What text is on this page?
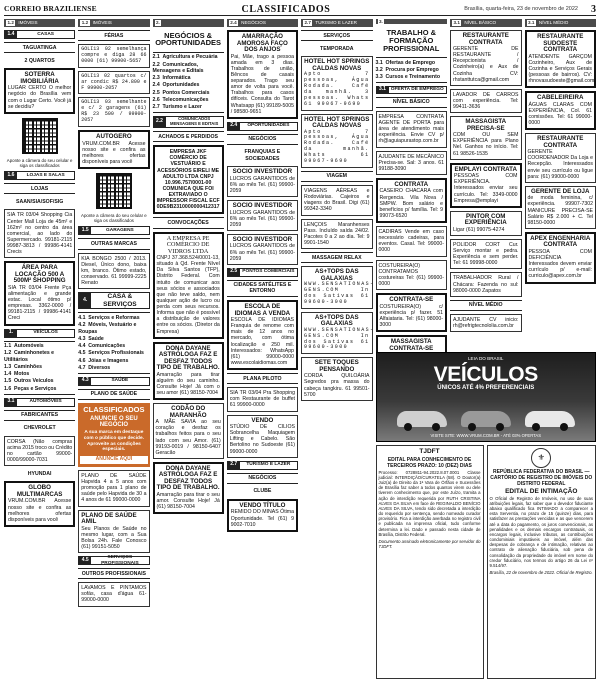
CORREIO BRAZILIENSE	CLASSIFICADOS	Brasília, quarta-feira, 23 de novembro de 2022	3
1.2 IMÓVEIS
1.4	CASAS
TAGUATINGA
2 QUARTOS
SOTERRA IMOBILIÁRIA

LUGAR CERTO O melhor negócio do Brasília vem com o Lugar Certo. Você já se decidiu?

Aponte a câmera do seu celular e siga os classificados
1.6	LOJAS E SALAS
LOJAS
SAAN/SIA/SOF/SIG

SIA TR 03/04 Shopping Cia Center Mall Loja de 45m² e 162m² no centro da área comercial, ao lado do Supermercado. 99181-2115 99987-3813 / 99986-4141 Crecis

ÁREA PARA LOCAÇÃO 500 A 500M² SHOPPING

SIA TR 03/04 Frente Pça alimentação e grande estac. Local ótimo p/ empresas. 3362-0000 / 99181-2115 / 99986-4141 Creci

1.	VEÍCULOS
1.1 Automóveis
1.2 Caminhonetes e Utilitários
1.3 Caminhões
1.4 Motos
1.5 Outros Veículos
1.6 Peças e Serviços
3.1	AUTOMÓVEIS
FABRICANTES
CHEVROLET

CORSA (Não compras acima 2015 troco ou Crédito no cartão 99000-0000/99000-7031

HYUNDAI
GLOBO MULTIMARCAS

VRUM.COM.BR Acesse nosso site e confira as melhores ofertas disponíveis para você

1.2 IMÓVEIS
FÉRIAS

GOLI13 02 semelhança compre e diga 28 66 0000 (61) 99900-5657

GOLI13 02 quartos c/ ar condic R$ 24.800 e F 99900-2057

GOLI13 03 semelhante e c/ 2 garagens (61) R$ 23 500 / 99900-2057

AUTOGERO

VRUM.COM.BR Acesse nosso site e confira as melhores ofertas disponíveis para você

Aponte a câmera do seu celular e siga os classificados
1.5	GARAGENS
OUTRAS MARCAS

KIA BONGO 2500 / 2013. Diesel, Único dono, baixa km, branco. Ótimo estado, conservado. 61 99999-2225 Renato

4.	CASA & SERVIÇOS
4.1 Serviços e Reformas
4.2 Móveis, Vestuário e Roupas
4.3 Saúde
4.4 Comunicações
4.5 Serviços Profissionais
4.6 Jóias e Imagens
4.7 Diversos
4.3	SAÚDE
PLANO DE SAÚDE
CLASSIFICADOS
ANUNCIE O SEU NEGÓCIO
A sua marca em destaque com o público que decide. Aproveite as condições especiais.
ANUNCIE AQUI

PLANO DE SAÚDE Hapvida 4 a 5 anos com promoção para 1 plano de saúde pelo Hapvida de 30 a 4 anos de 61 99000-0000

PLANO DE SAÚDE AMIL

Seu Planos de Saúde no mesmo lugar, com a Sua Bolsa 24h. Fale Conosco (61) 99151-5050

4.5	SERVIÇOS PROFISSIONAIS
OUTROS PROFISSIONAIS

LAVAMOS E PINTAMOS sofás, casa d'água 61-99000-0000

2.
NEGÓCIOS & OPORTUNIDADES
2.1 Agricultura e Pecuária
2.2 Comunicados, Mensagens e Editais
2.3 Informática
2.4 Oportunidades
2.5 Pontos Comerciais
2.6 Telecomunicações
2.7 Turismo e Lazer
2.2	COMUNICADOS MENSAGENS E EDITAIS
ACHADOS E PERDIDOS

EMPRESA JKF COMÉRCIO DE VESTUÁRIO E ACESSÓRIOS EIRELI ME ADULTO LTDA CNPJ 10.996.757/0001-00 COMUNICA QUE FOI EXTRAVIADO O IMPRESSOR FISCAL ECF 0DE9B2310000000412317

CONVOCAÇÕES
A EMPRESA PE COMÉRCIO DE VIDROS LTDA

CNPJ 37.368.524/0001-13, situado à Qd. Frente Nível Da Silva Santos (TFP), Distrito Federal. Com intuito de comunicar aos seus sócios e associados que não teve saldo, nem qualquer ação de lucro ou perda com seus recursos. Informa que não é possível a distribuição de valores entre os sócios. (Diretor da Empresa)

DONA DAYANE ASTRÓLOGA FAZ E DESFAZ TODOS TIPO DE TRABALHO.

Amarração para tirar alguém do seu caminho. Consulte Hoje! Já com o seu amor (61) 98150-7004

CODÃO DO MARANHÃO

A MÃE SAVIA ao seu coração e desfaz os trabalhos feitos para o seu lado com seu Amor. (61) 99193-0019 / 98150-6407 Geracão

DONA DAYANE ASTRÓLOGA FAZ E DESFAZ TODOS TIPO DE TRABALHO.

Amarração para tirar o seu amor. Consulte Hoje! Já (61) 98150-7004

2.4 NEGÓCIOS
AMARRAÇÃO AMOROSA FAÇO DOS ANJOS

Pai, Mãe, trago a pessoa amada em 3 dias. Trabalhos de união, Bêncos de casais separados. Trago seu amor de volta para você. Trabalhos para casos difíceis. Consulta do Tarot Whatsapp (61) 99189-5005 / 98580-9651

2.4	OPORTUNIDADES
NEGÓCIOS
FRANQUIAS E SOCIEDADES
SOCIO INVESTIDOR

LUCROS GARANTIDOS de 6% ao mês Tel. (61) 99900-2059

SOCIO INVESTIDOR

LUCROS GARANTIDOS de 6% ao mês Tel. (61) 99900-2059

SOCIO INVESTIDOR

LUCROS GARANTIDOS de 6% ao mês Tel. (61) 99900-2059

2.5	PONTOS COMERCIAIS
CIDADES SATÉLITES E ENTORNO
ESCOLA DE IDIOMAS A VENDA

ESCOLA DE IDIOMAS Franquia de renome com mais de 12 anos no mercado, com ótima localização e 250 mil. Interessados: WhatsApp (61) 99000-0000 www.escolaidiomas.com

PLANA PILOTO

SIA TR 03/04 Pra Shopping com Restaurante de buffet 61 99900-0000

VENDO

STÚDIO DE CILIOS Sobrancelha Maquiagem Lifting e Cabelo. São Bertolino no Sudoeste (61) 99000-0000

2.7	TURISMO E LAZER
NEGÓCIOS
CLUBE
VENDO TÍTULO

REMIDO DO MINAS Ótima Oportunidade. Tel (61) 9 9002-7010

2.7 TURISMO E LAZER
SERVIÇOS
TEMPORADA
HOTEL HOT SPRINGS CALDAS NOVAS

Apto 7 pessoas, Água Rodada. Café da manhã. 3 pessoas. Whats 61 99067-9690

HOTEL HOT SPRINGS CALDAS NOVAS

Apto 7 pessoas, Água Rodada. Café da manhã. Whats 61 99067-9690

VIAGEM

VIAGENS AÉREAS e Rodoviárias. Cajeiros e viagens do Brasil. Digi (61) 99342-3340

LENÇOIS Maranhenses Pass. Incluído saída 24/02. Pacotes 0 a 2 ao dia. Tel: 9 9901-1540

MASSAGEM RELAX
AS+TOPS DAS GALAXIAS

WWW.SENSATIONAS-GENS.COM In dos Sativas 61 99600-3000

AS+TOPS DAS GALAXIAS

WWW.SENSATIONAS-GENS.COM In dos Sativas 61 99600-3000

SETE TOQUES PENSANDO

CORDA QUILOÁRIA Segredos pra massa do cabeça tangkiru. 61 99501-5700

3.
TRABALHO & FORMAÇÃO PROFISSIONAL
3.1 Ofertas de Emprego
3.2 Procura por Emprego
3.3 Cursos e Treinamento
3.1 OFERTA DE EMPREGO
NÍVEL BÁSICO

EMPRESA CONTRATA AGENTE DE PORTA para área de atendimento mais experiência. Envie CV p/ rh@aguiapurastop.com.br

AJUDANTE DE MECÂNICO Precisa-se. Sal: 3 anos. 61 99188-3090

CONTRATA

CASEIRO CHACARA com Rergencia. Vila Nova / SMPW. Bom salário e benefícios p/ família. Tel: 9 99073-6520

CADIRAS Vende em caso necessário cadeiras, para eventos. Casal. Tel: 99000-0000

COSTUREIRA(O) CONTRATAMOS costureiras Tel: (61) 99900-0000

CONTRATA-SE

COSTUREIRA(O) c/ experiência p/ fazer. 51 Alfaiataria. Tel: (61) 98000-3000

MASSAGISTA CONTRATA-SE

3.1 NÍVEL BÁSICO
RESTAURANTE CONTRATA

GERENTE DE RESTAURANTE / Recepcionista / Cozinheiro(a) e Aux de Cozinha CV: rhstanttutca@gmail.com

LAVADOR DE CARROS com experiência. Tel: 99411-3636

MASSAGISTA PRECISA-SE

COM OU SEM EXPERIÊNCIA para Plano Nel. Ganhos no início. Tel: 61 98526-1535

EMPLAYI CONTRATA

PESSOAS COM EXPERIÊNCIA. Interessados enviar seu currículo. Tel: 3349-0000 Empresa@emplayi

PINTOR COM EXPERIÊNCIA

Ligar (61) 99075-4274

POLIDOR CORT Cur. Serviço montar e pedra. Experiência e sem perder. Tel: 61 99998-0000

TRABALHADOR Rural / Chácara: Fazenda no sul: 98000-0000 Zapatos

NÍVEL MÉDIO

AJUDANTE CV inicio: rh@refrigtecnololia.com.br

3.1 NÍVEL MÉDIO
RESTAURANTE SUDOESTE CONTRATA

ATENDENTE GARÇOM Cozinheiro, Aux de Cozinha e Serviços Gerais (pessoas de bairros). CV: rhnovasudoeste@gmail.com

CABELEIREIRA

ÁGUAS CLARAS COM EXPERIÊNCIA, Col. 61 comissões. Tel: 61 99000-0000

RESTAURANTE CONTRATA

GERENTE COORDENADOR Da Loja e Recepção. Interessados envie seu currículo ou ligue para: (61) 99000-0000

GERENTE DE LOJA

de moda feminina, c/ experiência. 99907-7302 MANICURE PRECISA-SE Salário R$ 2.000 + C. Tel 98150-0000

APEX ENGENHARIA CONTRATA

PESSOA COM DEFICIÊNCIA Interessados devem enviar currículo p/ e-mail: curriculo@apex.com.br

LEIA DO BRASIL
VEÍCULOS
ÚNICOS ATÉ 4% PREFERENCIAIS
VISITE SITE: WWW.VRUM.COM.BR - ATÉ 03% OFERTAS
TJDFT
EDITAL PARA CONHECIMENTO DE TERCEIROS PRAZO: 10 (DEZ) DIAS
Processo: 0728811-94.2022.8.07.0001 Classe judicial: INTERDIÇÃO/CURATELA (58). O Doutor(a) Juiz(a) de Direito da 1ª Vara de Órfãos e Sucessões de Brasília faz saber a todos quantos virem ou dele tiverem conhecimento que, por este Juízo, tramita a ação de interdição requerida por RUTH CRISTINA ALVES DA SILVA em face de REGINALDO BENÍCIO ALVES DA SILVA, tendo sido decretada a interdição do requerido por sentença, sendo nomeado curador provisório. Fica a interdição averbada no registro civil e publicada na imprensa oficial, tudo conforme determina a lei. Dado e passado nesta cidade de Brasília, Distrito Federal.
Documento assinado eletronicamente por servidor do TJDFT.
⚜
REPÚBLICA FEDERATIVA DO BRASIL — CARTÓRIO DE REGISTRO DE IMÓVEIS DO DISTRITO FEDERAL
EDITAL DE INTIMAÇÃO
O Oficial de Registro de Imóveis, no uso de suas atribuições legais, faz saber que o devedor fiduciante abaixo qualificado fica INTIMADO a comparecer a esta Serventia, no prazo de 15 (quinze) dias, para satisfazer as prestações vencidas e as que vencerem até a data do pagamento, os juros convencionais, as penalidades e os demais encargos contratuais, os encargos legais, inclusive tributos, as contribuições condominiais imputáveis ao imóvel, além das despesas de cobrança e de intimação, relativas ao contrato de alienação fiduciária, sob pena de consolidação da propriedade do imóvel em nome do credor fiduciário, nos termos do artigo 26 da Lei nº 9.514/97.
Brasília, 22 de novembro de 2022. Oficial de Registro.
